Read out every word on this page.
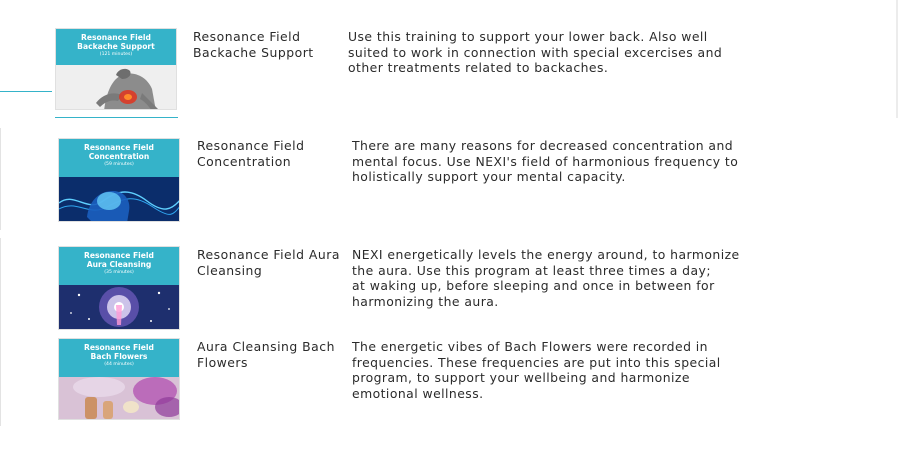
Resonance Field
Backache Support
(121 minutes)
Resonance Field Backache Support
Use this training to support your lower back. Also well
suited to work in connection with special excercises and
other treatments related to backaches.
Resonance Field
Concentration
(59 minutes)
Resonance Field Concentration
There are many reasons for decreased concentration and
mental focus. Use NEXI's field of harmonious frequency to
holistically support your mental capacity.
Resonance Field
Aura Cleansing
(35 minutes)
Resonance Field Aura Cleansing
NEXI energetically levels the energy around, to harmonize
the aura. Use this program at least three times a day;
at waking up, before sleeping and once in between for
harmonizing the aura.
Resonance Field
Bach Flowers
(44 minutes)
Aura Cleansing Bach Flowers
The energetic vibes of Bach Flowers were recorded in
frequencies. These frequencies are put into this special
program, to support your wellbeing and harmonize
emotional wellness.
